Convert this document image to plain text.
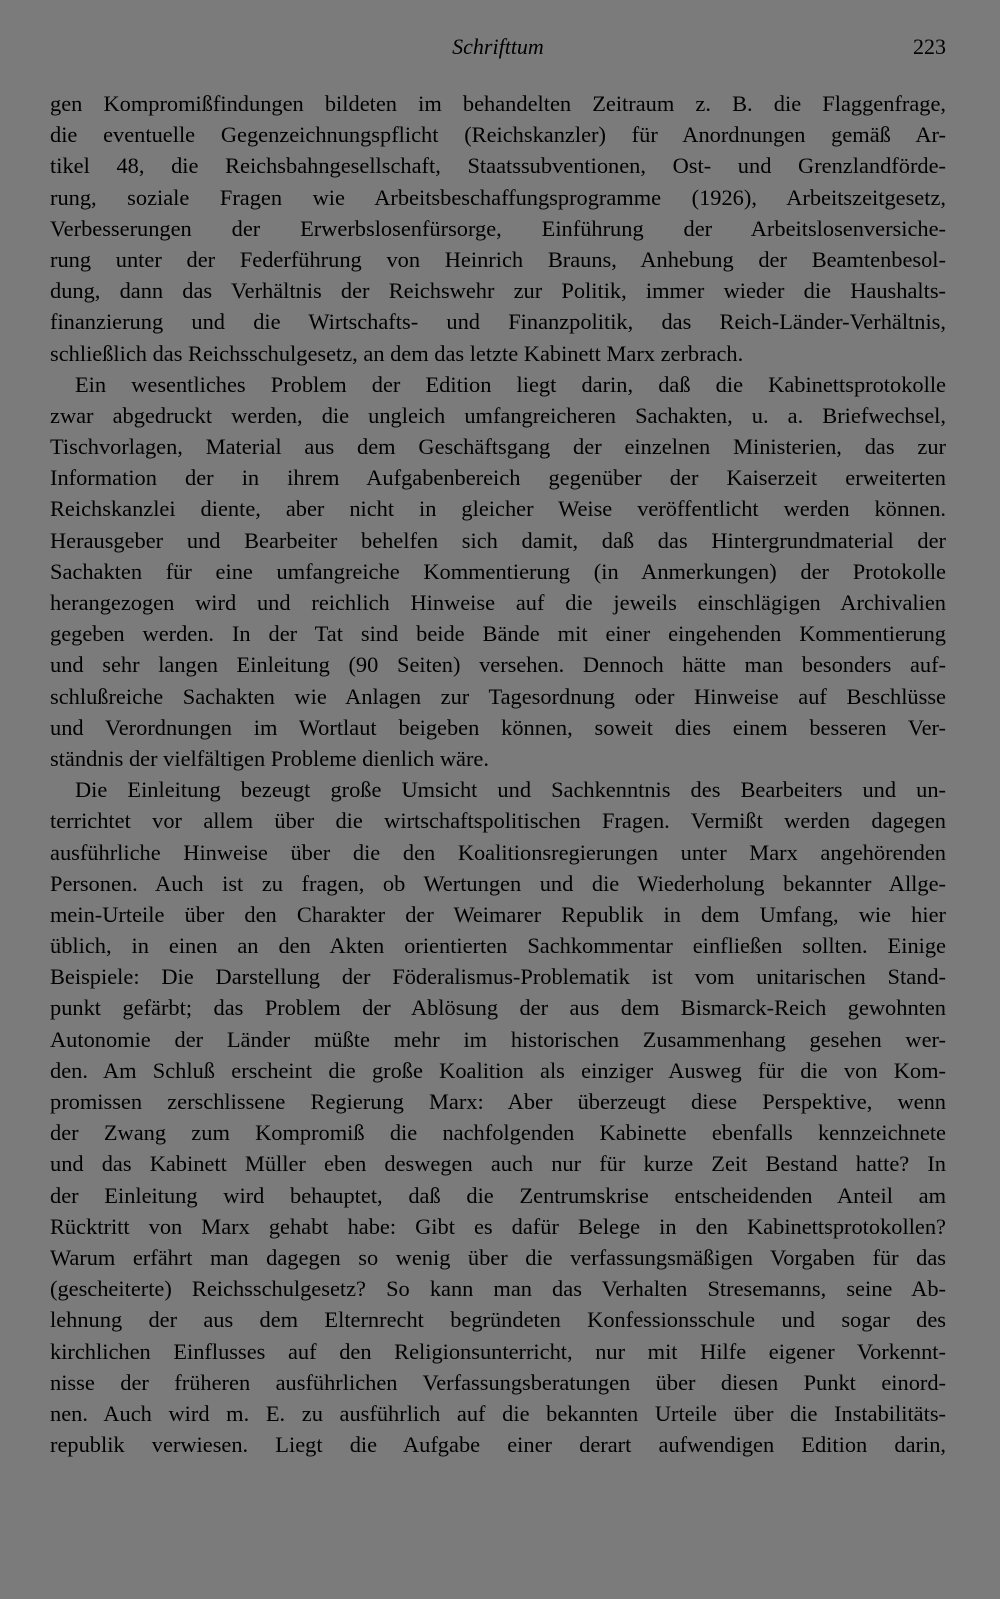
Schrifttum	223
gen Kompromißfindungen bildeten im behandelten Zeitraum z. B. die Flaggenfrage,
die eventuelle Gegenzeichnungspflicht (Reichskanzler) für Anordnungen gemäß Ar-
tikel 48, die Reichsbahngesellschaft, Staatssubventionen, Ost- und Grenzlandförde-
rung, soziale Fragen wie Arbeitsbeschaffungsprogramme (1926), Arbeitszeitgesetz,
Verbesserungen der Erwerbslosenfürsorge, Einführung der Arbeitslosenversiche-
rung unter der Federführung von Heinrich Brauns, Anhebung der Beamtenbesol-
dung, dann das Verhältnis der Reichswehr zur Politik, immer wieder die Haushalts-
finanzierung und die Wirtschafts- und Finanzpolitik, das Reich-Länder-Verhältnis,
schließlich das Reichsschulgesetz, an dem das letzte Kabinett Marx zerbrach.
Ein wesentliches Problem der Edition liegt darin, daß die Kabinettsprotokolle
zwar abgedruckt werden, die ungleich umfangreicheren Sachakten, u. a. Briefwechsel,
Tischvorlagen, Material aus dem Geschäftsgang der einzelnen Ministerien, das zur
Information der in ihrem Aufgabenbereich gegenüber der Kaiserzeit erweiterten
Reichskanzlei diente, aber nicht in gleicher Weise veröffentlicht werden können.
Herausgeber und Bearbeiter behelfen sich damit, daß das Hintergrundmaterial der
Sachakten für eine umfangreiche Kommentierung (in Anmerkungen) der Protokolle
herangezogen wird und reichlich Hinweise auf die jeweils einschlägigen Archivalien
gegeben werden. In der Tat sind beide Bände mit einer eingehenden Kommentierung
und sehr langen Einleitung (90 Seiten) versehen. Dennoch hätte man besonders auf-
schlußreiche Sachakten wie Anlagen zur Tagesordnung oder Hinweise auf Beschlüsse
und Verordnungen im Wortlaut beigeben können, soweit dies einem besseren Ver-
ständnis der vielfältigen Probleme dienlich wäre.
Die Einleitung bezeugt große Umsicht und Sachkenntnis des Bearbeiters und un-
terrichtet vor allem über die wirtschaftspolitischen Fragen. Vermißt werden dagegen
ausführliche Hinweise über die den Koalitionsregierungen unter Marx angehörenden
Personen. Auch ist zu fragen, ob Wertungen und die Wiederholung bekannter Allge-
mein-Urteile über den Charakter der Weimarer Republik in dem Umfang, wie hier
üblich, in einen an den Akten orientierten Sachkommentar einfließen sollten. Einige
Beispiele: Die Darstellung der Föderalismus-Problematik ist vom unitarischen Stand-
punkt gefärbt; das Problem der Ablösung der aus dem Bismarck-Reich gewohnten
Autonomie der Länder müßte mehr im historischen Zusammenhang gesehen wer-
den. Am Schluß erscheint die große Koalition als einziger Ausweg für die von Kom-
promissen zerschlissene Regierung Marx: Aber überzeugt diese Perspektive, wenn
der Zwang zum Kompromiß die nachfolgenden Kabinette ebenfalls kennzeichnete
und das Kabinett Müller eben deswegen auch nur für kurze Zeit Bestand hatte? In
der Einleitung wird behauptet, daß die Zentrumskrise entscheidenden Anteil am
Rücktritt von Marx gehabt habe: Gibt es dafür Belege in den Kabinettsprotokollen?
Warum erfährt man dagegen so wenig über die verfassungsmäßigen Vorgaben für das
(gescheiterte) Reichsschulgesetz? So kann man das Verhalten Stresemanns, seine Ab-
lehnung der aus dem Elternrecht begründeten Konfessionsschule und sogar des
kirchlichen Einflusses auf den Religionsunterricht, nur mit Hilfe eigener Vorkennt-
nisse der früheren ausführlichen Verfassungsberatungen über diesen Punkt einord-
nen. Auch wird m. E. zu ausführlich auf die bekannten Urteile über die Instabilitäts-
republik verwiesen. Liegt die Aufgabe einer derart aufwendigen Edition darin,
